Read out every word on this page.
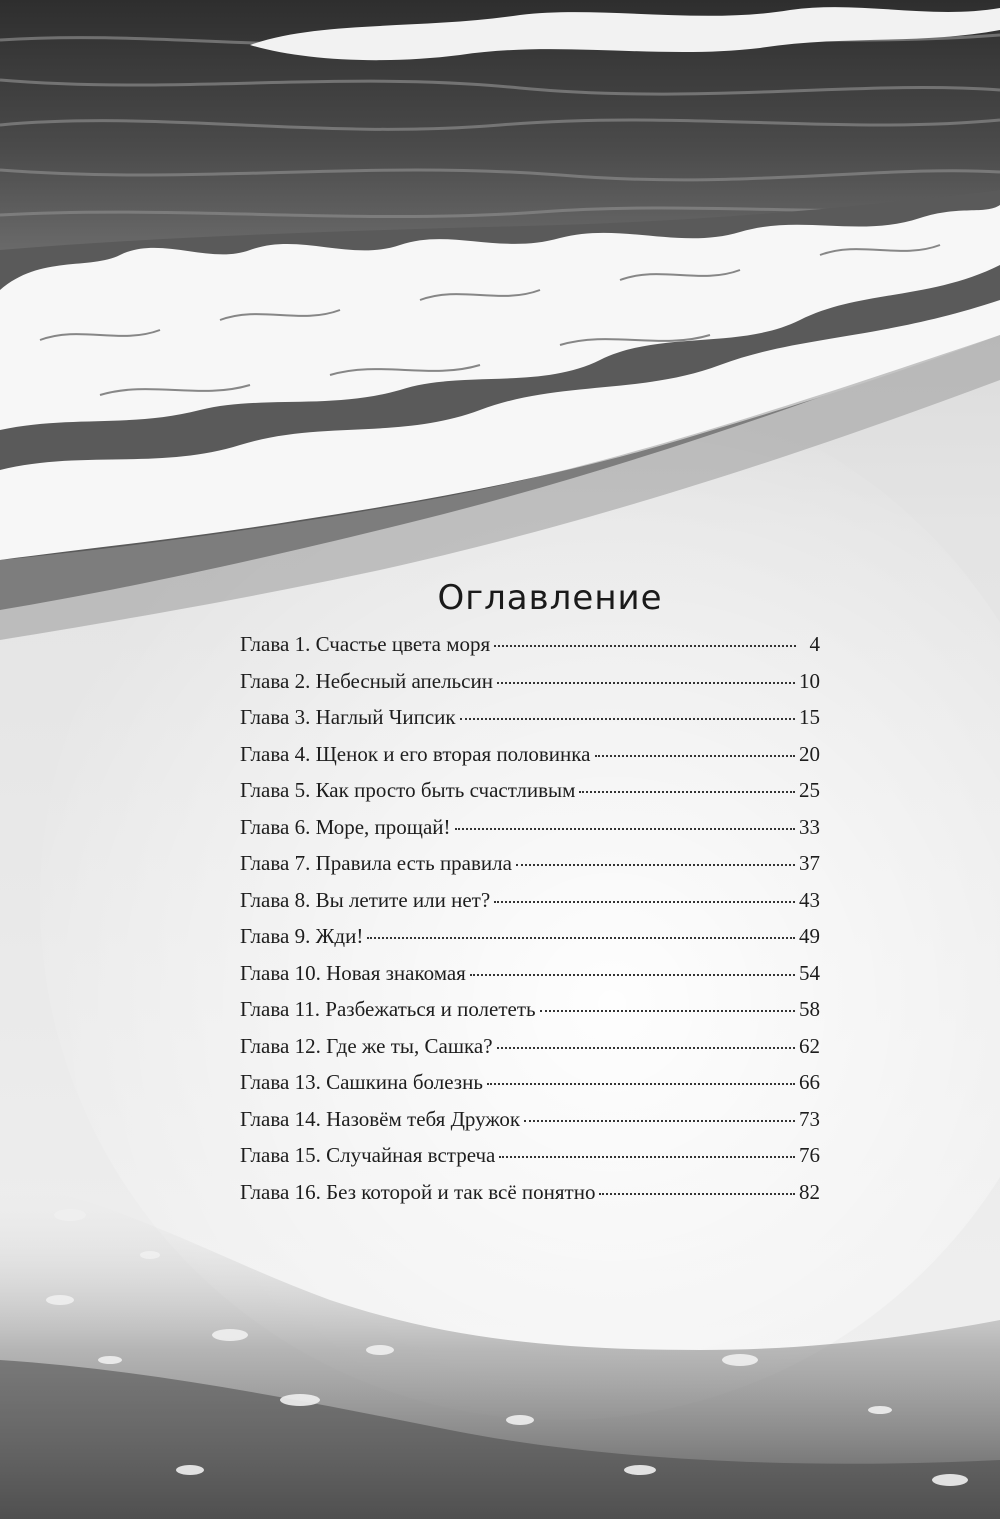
Оглавление
Глава 1. Счастье цвета моря	4
Глава 2. Небесный апельсин	10
Глава 3. Наглый Чипсик	15
Глава 4. Щенок и его вторая половинка	20
Глава 5. Как просто быть счастливым	25
Глава 6. Море, прощай!	33
Глава 7. Правила есть правила	37
Глава 8. Вы летите или нет?	43
Глава 9. Жди!	49
Глава 10. Новая знакомая	54
Глава 11. Разбежаться и полететь	58
Глава 12. Где же ты, Сашка?	62
Глава 13. Сашкина болезнь	66
Глава 14. Назовём тебя Дружок	73
Глава 15. Случайная встреча	76
Глава 16. Без которой и так всё понятно	82
